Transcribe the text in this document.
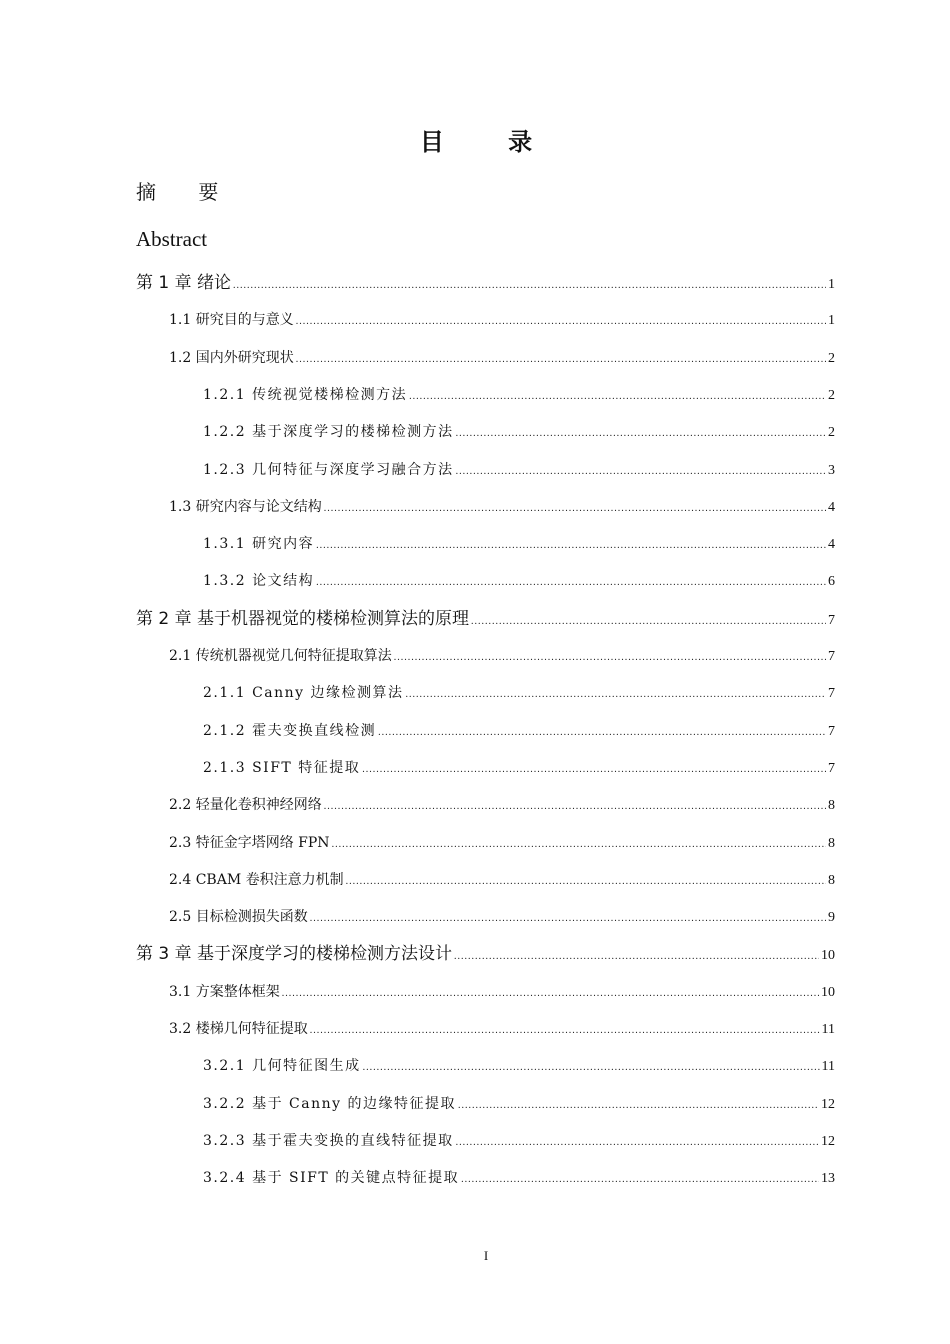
目 录
摘 要
Abstract
第 1 章 绪论 .....	1
1.1 研究目的与意义 .....	1
1.2 国内外研究现状 .....	2
1.2.1 传统视觉楼梯检测方法 .....	2
1.2.2 基于深度学习的楼梯检测方法 .....	2
1.2.3 几何特征与深度学习融合方法 .....	3
1.3 研究内容与论文结构 .....	4
1.3.1 研究内容 .....	4
1.3.2 论文结构 .....	6
第 2 章 基于机器视觉的楼梯检测算法的原理 .....	7
2.1 传统机器视觉几何特征提取算法 .....	7
2.1.1 Canny 边缘检测算法 .....	7
2.1.2 霍夫变换直线检测 .....	7
2.1.3 SIFT 特征提取 .....	7
2.2 轻量化卷积神经网络 .....	8
2.3 特征金字塔网络 FPN .....	8
2.4 CBAM 卷积注意力机制 .....	8
2.5 目标检测损失函数 .....	9
第 3 章 基于深度学习的楼梯检测方法设计 .....	10
3.1 方案整体框架 .....	10
3.2 楼梯几何特征提取 .....	11
3.2.1 几何特征图生成 .....	11
3.2.2 基于 Canny 的边缘特征提取 .....	12
3.2.3 基于霍夫变换的直线特征提取 .....	12
3.2.4 基于 SIFT 的关键点特征提取 .....	13
I
